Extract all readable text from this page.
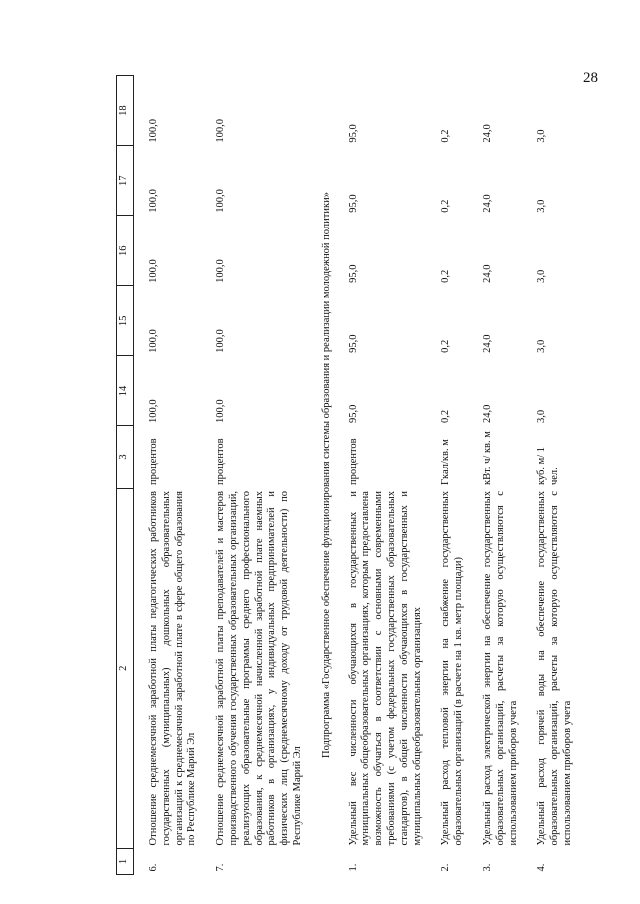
28
1	2	3	14	15	16	17	18

6.	Отношение среднемесячной заработной платы педагогических работников государственных (муниципальных) дошкольных образовательных организаций к среднемесячной заработной плате в сфере общего образования по Республике Марий Эл	процентов	100,0	100,0	100,0	100,0	100,0

7.	Отношение среднемесячной заработной платы преподавателей и мастеров производственного обучения государственных образовательных организаций, реализующих образовательные программы среднего профессионального образования, к среднемесячной начисленной заработной плате наемных работников в организациях, у индивидуальных предпринимателей и физических лиц (среднемесячному доходу от трудовой деятельности) по Республике Марий Эл	процентов	100,0	100,0	100,0	100,0	100,0
Подпрограмма «Государственное обеспечение функционирования системы образования и реализации молодежной политики»							
1.	Удельный вес численности обучающихся в государственных и муниципальных общеобразовательных организациях, которым предоставлена возможность обучаться в соответствии с основными современными требованиями (с учетом федеральных государственных образовательных стандартов), в общей численности обучающихся в государственных и муниципальных общеобразовательных организациях	процентов	95,0	95,0	95,0	95,0	95,0

2.	Удельный расход тепловой энергии на снабжение государственных образовательных организаций (в расчете на 1 кв. метр площади)	Гкал/кв. м	0,2	0,2	0,2	0,2	0,2

3.	Удельный расход электрической энергии на обеспечение государственных образовательных организаций, расчеты за которую осуществляются с использованием приборов учета	кВт. ч/ кв. м	24,0	24,0	24,0	24,0	24,0

4.	Удельный расход горячей воды на обеспечение государственных образовательных организаций, расчеты за которую осуществляются с использованием приборов учета	куб. м/ 1 чел.	3,0	3,0	3,0	3,0	3,0
